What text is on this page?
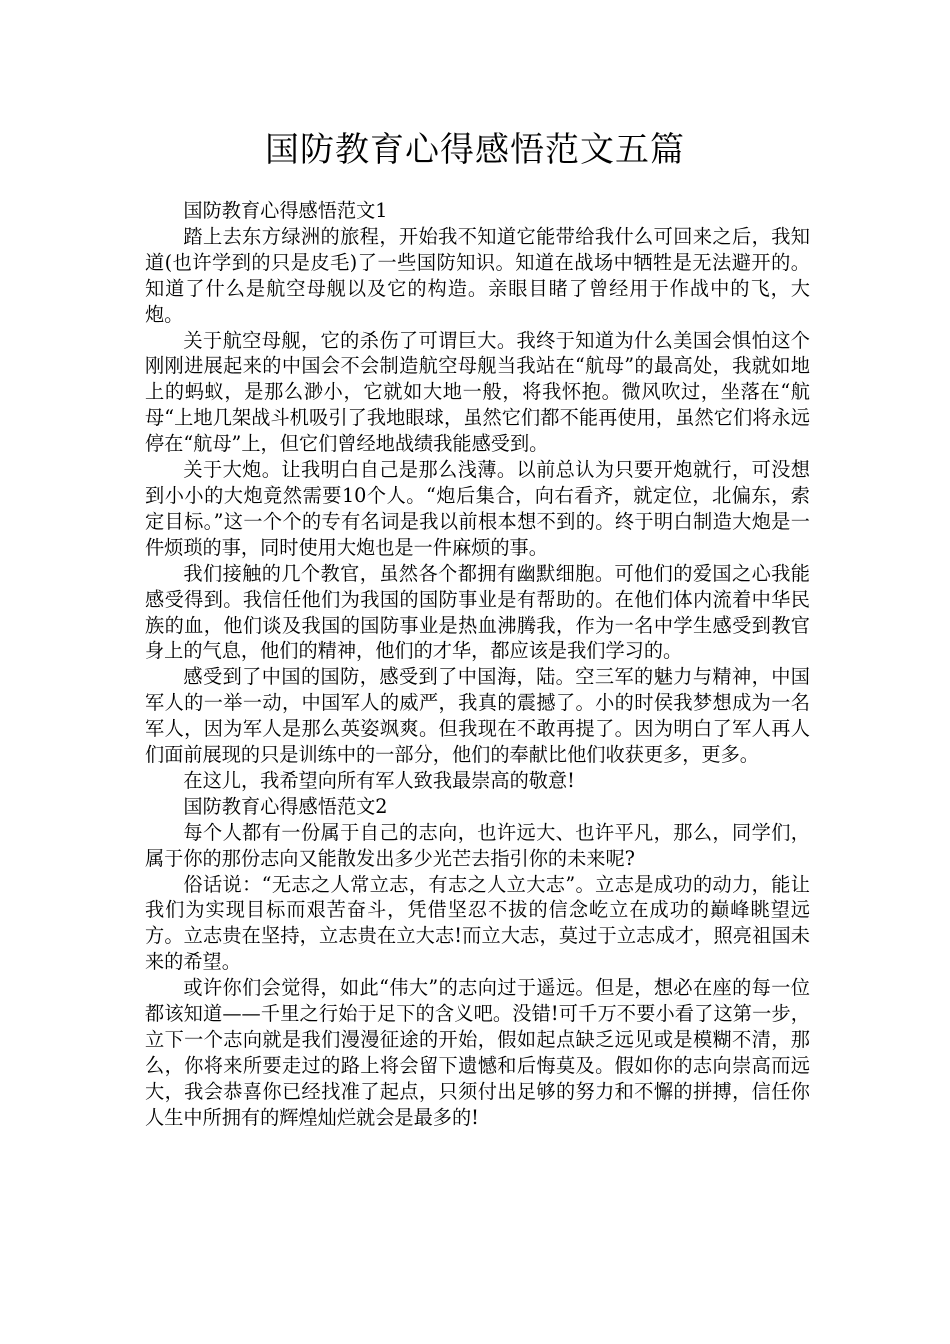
国防教育心得感悟范文五篇

国防教育心得感悟范文1

踏上去东方绿洲的旅程，开始我不知道它能带给我什么可回来之后，我知道(也许学到的只是皮毛)了一些国防知识。知道在战场中牺牲是无法避开的。知道了什么是航空母舰以及它的构造。亲眼目睹了曾经用于作战中的飞，大炮。

关于航空母舰，它的杀伤了可谓巨大。我终于知道为什么美国会惧怕这个刚刚进展起来的中国会不会制造航空母舰当我站在“航母”的最高处，我就如地上的蚂蚁，是那么渺小，它就如大地一般，将我怀抱。微风吹过，坐落在“航母“上地几架战斗机吸引了我地眼球，虽然它们都不能再使用，虽然它们将永远停在“航母”上，但它们曾经地战绩我能感受到。

关于大炮。让我明白自己是那么浅薄。以前总认为只要开炮就行，可没想到小小的大炮竟然需要10个人。“炮后集合，向右看齐，就定位，北偏东，索定目标。”这一个个的专有名词是我以前根本想不到的。终于明白制造大炮是一件烦琐的事，同时使用大炮也是一件麻烦的事。

我们接触的几个教官，虽然各个都拥有幽默细胞。可他们的爱国之心我能感受得到。我信任他们为我国的国防事业是有帮助的。在他们体内流着中华民族的血，他们谈及我国的国防事业是热血沸腾我，作为一名中学生感受到教官身上的气息，他们的精神，他们的才华，都应该是我们学习的。

感受到了中国的国防，感受到了中国海，陆。空三军的魅力与精神，中国军人的一举一动，中国军人的威严，我真的震撼了。小的时侯我梦想成为一名军人，因为军人是那么英姿飒爽。但我现在不敢再提了。因为明白了军人再人们面前展现的只是训练中的一部分，他们的奉献比他们收获更多，更多。

在这儿，我希望向所有军人致我最崇高的敬意!

国防教育心得感悟范文2

每个人都有一份属于自己的志向，也许远大、也许平凡，那么，同学们，属于你的那份志向又能散发出多少光芒去指引你的未来呢?

俗话说：“无志之人常立志，有志之人立大志”。立志是成功的动力，能让我们为实现目标而艰苦奋斗，凭借坚忍不拔的信念屹立在成功的巅峰眺望远方。立志贵在坚持，立志贵在立大志!而立大志，莫过于立志成才，照亮祖国未来的希望。

或许你们会觉得，如此“伟大”的志向过于遥远。但是，想必在座的每一位都该知道——千里之行始于足下的含义吧。没错!可千万不要小看了这第一步，立下一个志向就是我们漫漫征途的开始，假如起点缺乏远见或是模糊不清，那么，你将来所要走过的路上将会留下遗憾和后悔莫及。假如你的志向崇高而远大，我会恭喜你已经找准了起点，只须付出足够的努力和不懈的拼搏，信任你人生中所拥有的辉煌灿烂就会是最多的!
